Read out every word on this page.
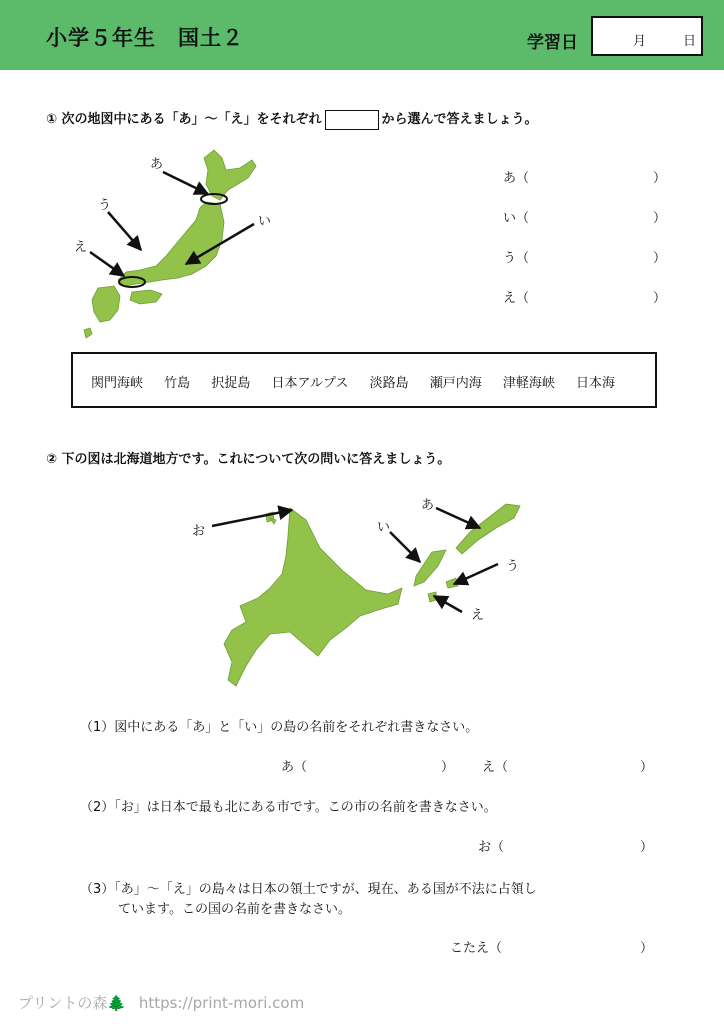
小学５年生　国土２	学習日	月	日
① 次の地図中にある「あ」～「え」をそれぞれ	から選んで答えましょう。
あ
い
う
え
あ（	）
い（	）
う（	）
え（	）
関門海峡 竹島 択捉島 日本アルプス 淡路島 瀬戸内海 津軽海峡 日本海
② 下の図は北海道地方です。これについて次の問いに答えましょう。
お
あ
い
う
え
（1）図中にある「あ」と「い」の島の名前をそれぞれ書きなさい。
あ（	） え（	）
（2）「お」は日本で最も北にある市です。この市の名前を書きなさい。
お（	）
（3）「あ」～「え」の島々は日本の領土ですが、現在、ある国が不法に占領し
ています。この国の名前を書きなさい。
こたえ（	）
プリントの森🌲 https://print-mori.com
